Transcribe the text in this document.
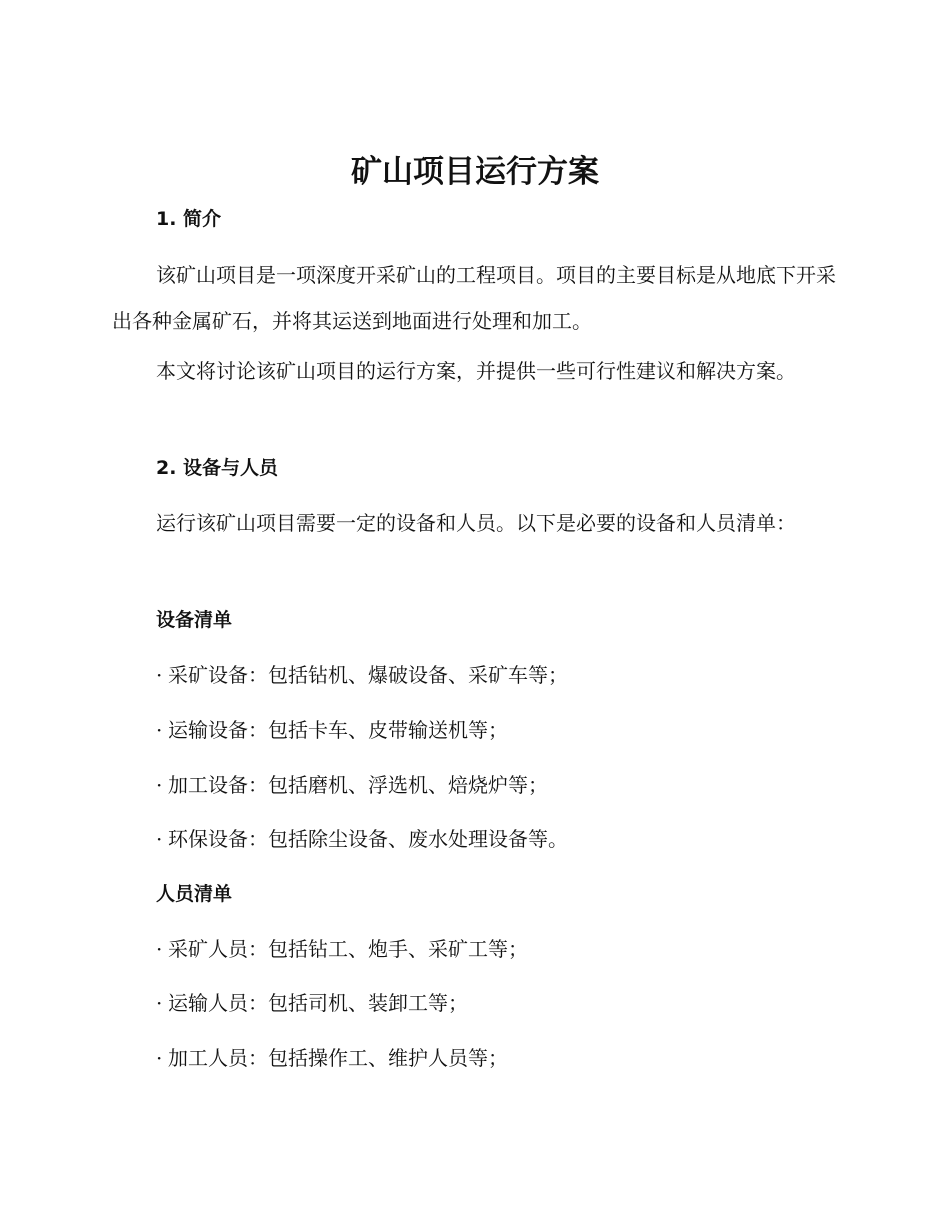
矿山项目运行方案
1. 简介

该矿山项目是一项深度开采矿山的工程项目。项目的主要目标是从地底下开采出各种金属矿石，并将其运送到地面进行处理和加工。

本文将讨论该矿山项目的运行方案，并提供一些可行性建议和解决方案。

2. 设备与人员

运行该矿山项目需要一定的设备和人员。以下是必要的设备和人员清单：

设备清单
· 采矿设备：包括钻机、爆破设备、采矿车等；
· 运输设备：包括卡车、皮带输送机等；
· 加工设备：包括磨机、浮选机、焙烧炉等；
· 环保设备：包括除尘设备、废水处理设备等。
人员清单
· 采矿人员：包括钻工、炮手、采矿工等；
· 运输人员：包括司机、装卸工等；
· 加工人员：包括操作工、维护人员等；
